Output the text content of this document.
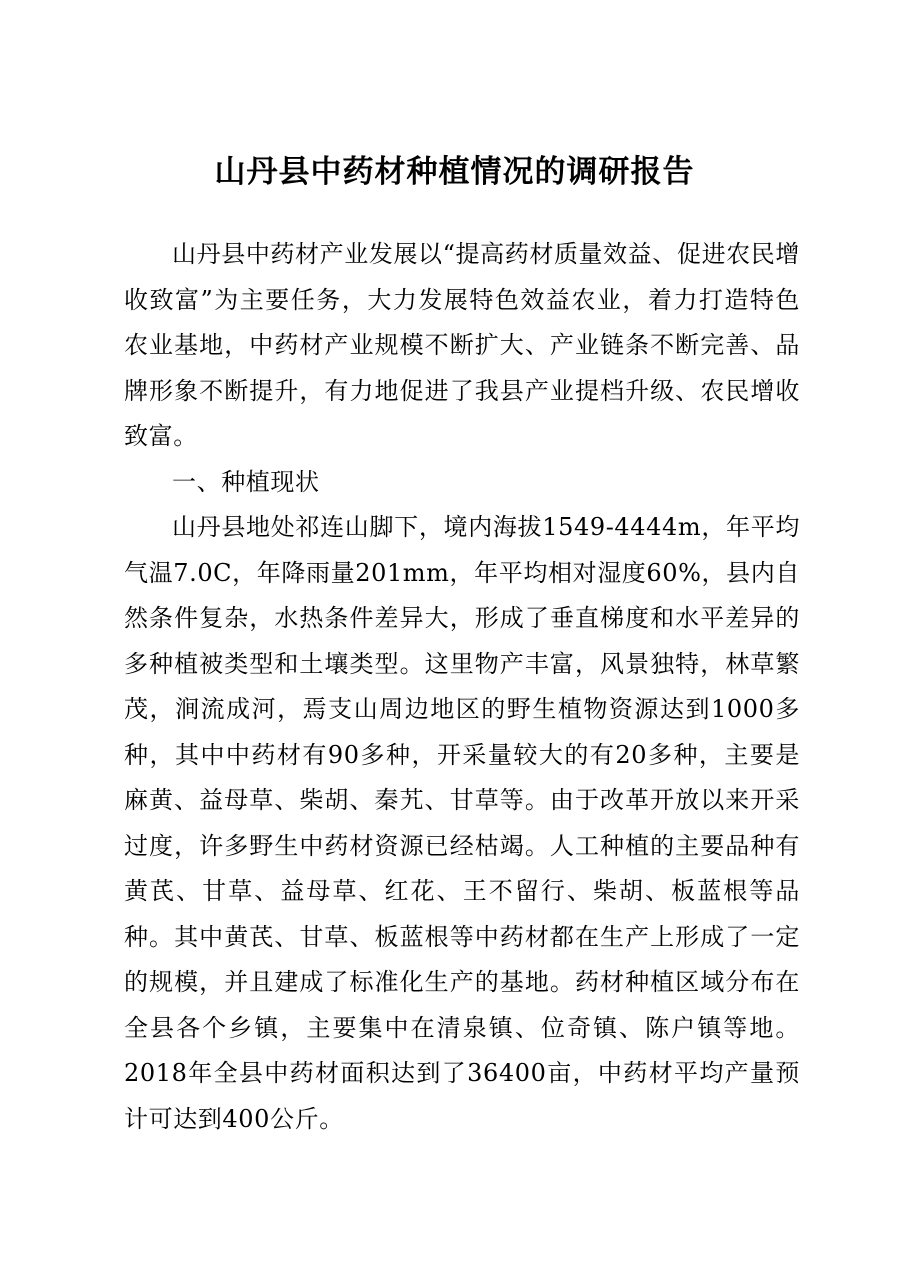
山丹县中药材种植情况的调研报告

山丹县中药材产业发展以“提高药材质量效益、促进农民增收致富”为主要任务，大力发展特色效益农业，着力打造特色农业基地，中药材产业规模不断扩大、产业链条不断完善、品牌形象不断提升，有力地促进了我县产业提档升级、农民增收致富。

一、种植现状

山丹县地处祁连山脚下，境内海拔1549-4444m，年平均气温7.0C，年降雨量201mm，年平均相对湿度60%，县内自然条件复杂，水热条件差异大，形成了垂直梯度和水平差异的多种植被类型和土壤类型。这里物产丰富，风景独特，林草繁茂，涧流成河，焉支山周边地区的野生植物资源达到1000多种，其中中药材有90多种，开采量较大的有20多种，主要是麻黄、益母草、柴胡、秦艽、甘草等。由于改革开放以来开采过度，许多野生中药材资源已经枯竭。人工种植的主要品种有黄芪、甘草、益母草、红花、王不留行、柴胡、板蓝根等品种。其中黄芪、甘草、板蓝根等中药材都在生产上形成了一定的规模，并且建成了标准化生产的基地。药材种植区域分布在全县各个乡镇，主要集中在清泉镇、位奇镇、陈户镇等地。2018年全县中药材面积达到了36400亩，中药材平均产量预计可达到400公斤。
